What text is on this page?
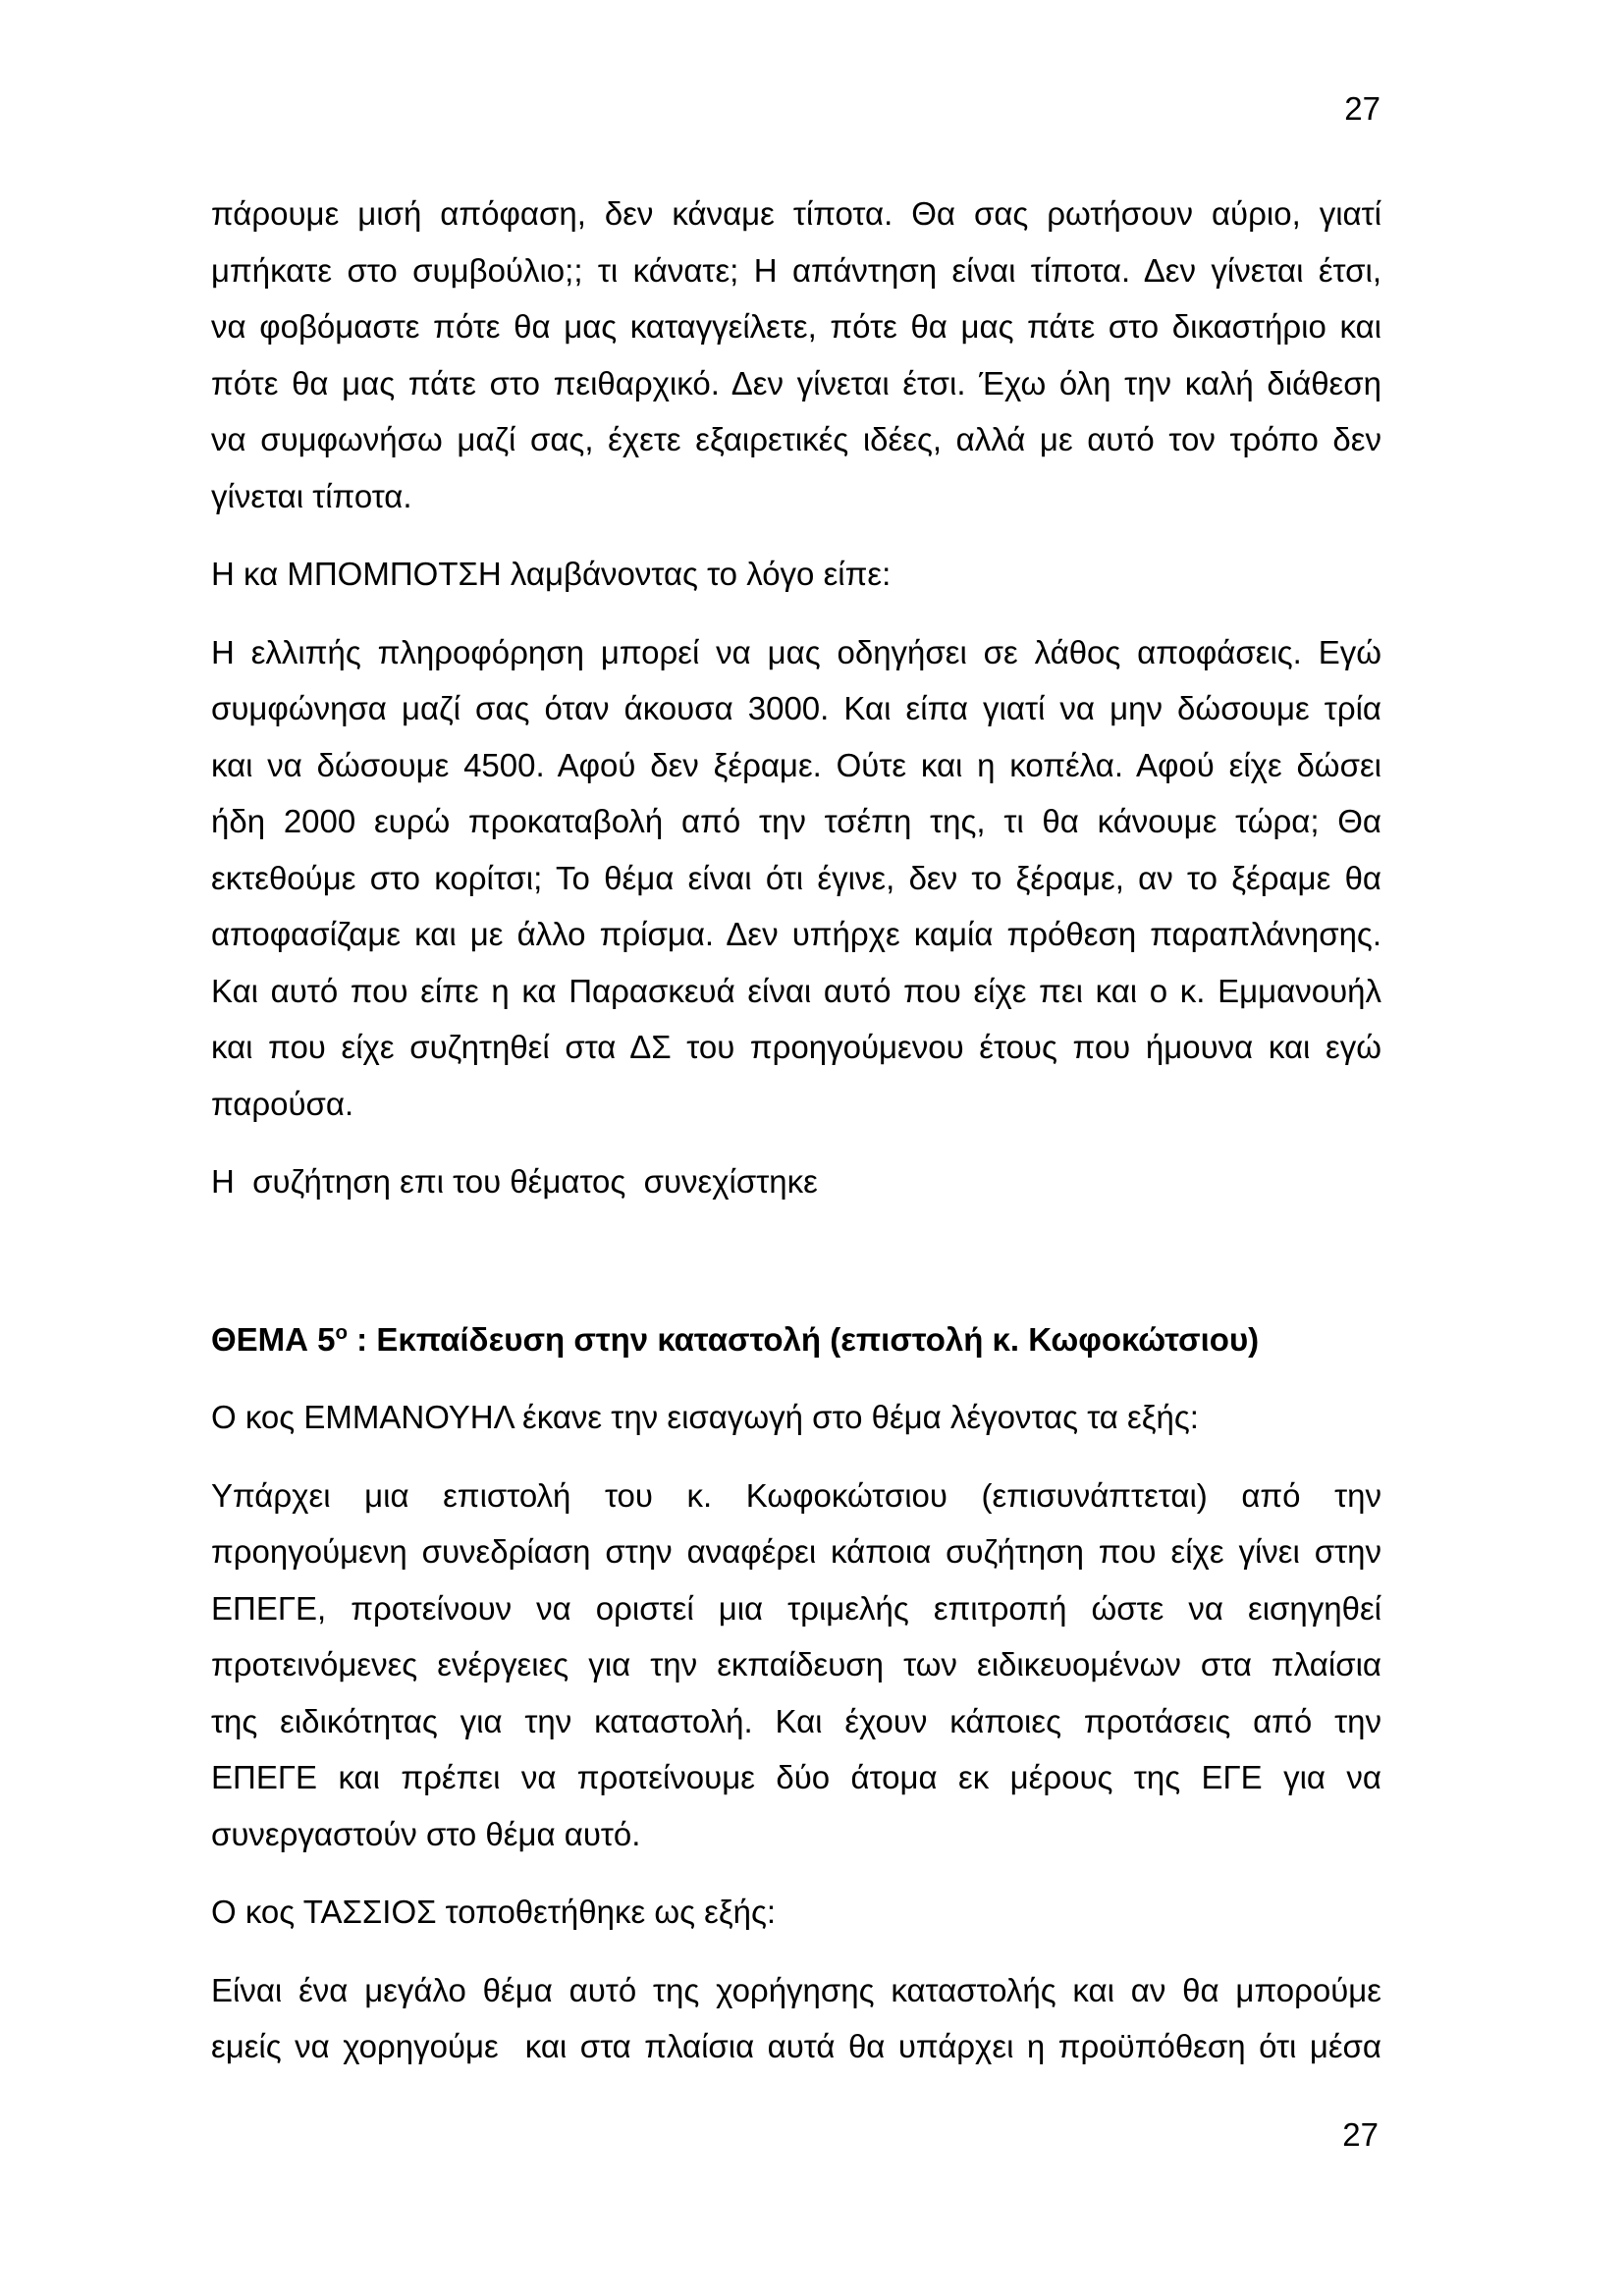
27
πάρουμε μισή απόφαση, δεν κάναμε τίποτα. Θα σας ρωτήσουν αύριο, γιατί
μπήκατε στο συμβούλιο;; τι κάνατε; Η απάντηση είναι τίποτα. Δεν γίνεται έτσι,
να φοβόμαστε πότε θα μας καταγγείλετε, πότε θα μας πάτε στο δικαστήριο και
πότε θα μας πάτε στο πειθαρχικό. Δεν γίνεται έτσι. Έχω όλη την καλή διάθεση
να συμφωνήσω μαζί σας, έχετε εξαιρετικές ιδέες, αλλά με αυτό τον τρόπο δεν
γίνεται τίποτα.
Η κα ΜΠΟΜΠΟΤΣΗ λαμβάνοντας το λόγο είπε:
Η ελλιπής πληροφόρηση μπορεί να μας οδηγήσει σε λάθος αποφάσεις. Εγώ
συμφώνησα μαζί σας όταν άκουσα 3000. Και είπα γιατί να μην δώσουμε τρία
και να δώσουμε 4500. Αφού δεν ξέραμε. Ούτε και η κοπέλα. Αφού είχε δώσει
ήδη 2000 ευρώ προκαταβολή από την τσέπη της, τι θα κάνουμε τώρα; Θα
εκτεθούμε στο κορίτσι; Το θέμα είναι ότι έγινε, δεν το ξέραμε, αν το ξέραμε θα
αποφασίζαμε και με άλλο πρίσμα. Δεν υπήρχε καμία πρόθεση παραπλάνησης.
Και αυτό που είπε η κα Παρασκευά είναι αυτό που είχε πει και ο κ. Εμμανουήλ
και που είχε συζητηθεί στα ΔΣ του προηγούμενου έτους που ήμουνα και εγώ
παρούσα.
Η  συζήτηση επι του θέματος  συνεχίστηκε
ΘΕΜΑ $5^o$ : Εκπαίδευση στην καταστολή (επιστολή κ. Κωφοκώτσιου)
Ο κος ΕΜΜΑΝΟΥΗΛ έκανε την εισαγωγή στο θέμα λέγοντας τα εξής:
Υπάρχει μια επιστολή του κ. Κωφοκώτσιου (επισυνάπτεται) από την
προηγούμενη συνεδρίαση στην αναφέρει κάποια συζήτηση που είχε γίνει στην
ΕΠΕΓΕ, προτείνουν να οριστεί μια τριμελής επιτροπή ώστε να εισηγηθεί
προτεινόμενες ενέργειες για την εκπαίδευση των ειδικευομένων στα πλαίσια
της ειδικότητας για την καταστολή. Και έχουν κάποιες προτάσεις από την
ΕΠΕΓΕ και πρέπει να προτείνουμε δύο άτομα εκ μέρους της ΕΓΕ για να
συνεργαστούν στο θέμα αυτό.
Ο κος ΤΑΣΣΙΟΣ τοποθετήθηκε ως εξής:
Είναι ένα μεγάλο θέμα αυτό της χορήγησης καταστολής και αν θα μπορούμε
εμείς να χορηγούμε  και στα πλαίσια αυτά θα υπάρχει η προϋπόθεση ότι μέσα
27
